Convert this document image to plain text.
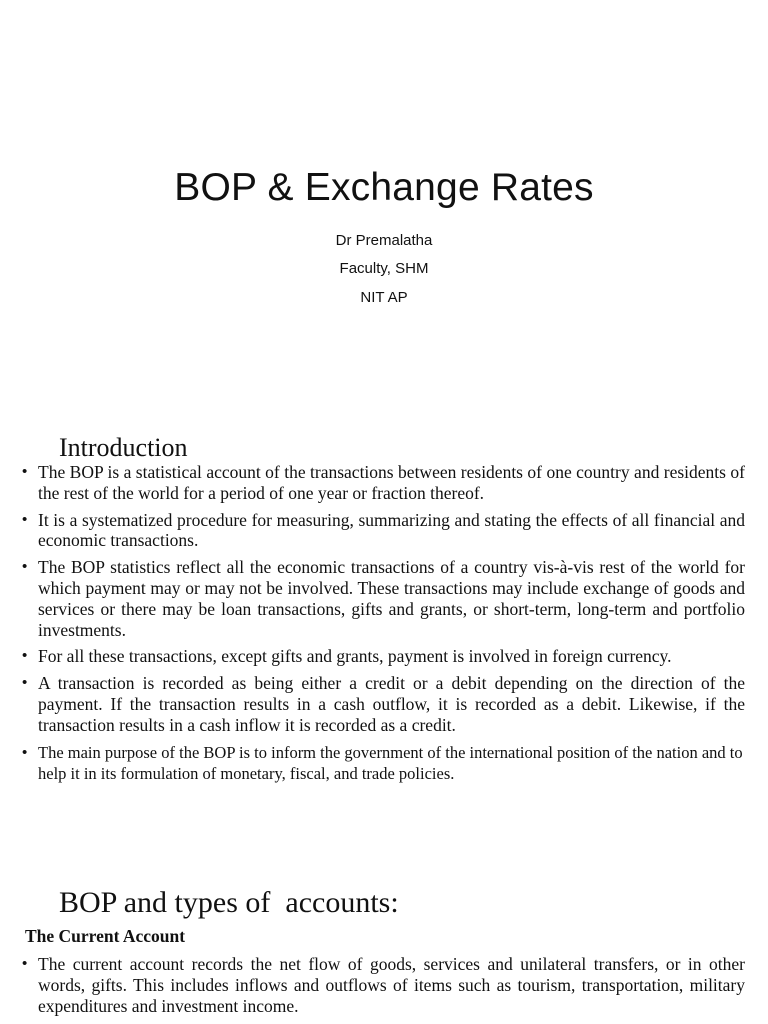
BOP & Exchange Rates
Dr Premalatha
Faculty, SHM
NIT AP
Introduction
• The BOP is a statistical account of the transactions between residents of one country and residents of the rest of the world for a period of one year or fraction thereof.
• It is a systematized procedure for measuring, summarizing and stating the effects of all financial and economic transactions.
• The BOP statistics reflect all the economic transactions of a country vis-à-vis rest of the world for which payment may or may not be involved. These transactions may include exchange of goods and services or there may be loan transactions, gifts and grants, or short-term, long-term and portfolio investments.
• For all these transactions, except gifts and grants, payment is involved in foreign currency.
• A transaction is recorded as being either a credit or a debit depending on the direction of the payment. If the transaction results in a cash outflow, it is recorded as a debit. Likewise, if the transaction results in a cash inflow it is recorded as a credit.
• The main purpose of the BOP is to inform the government of the international position of the nation and to help it in its formulation of monetary, fiscal, and trade policies.
BOP and types of  accounts:
The Current Account
• The current account records the net flow of goods, services and unilateral transfers, or in other words, gifts. This includes inflows and outflows of items such as tourism, transportation, military expenditures and investment income.
